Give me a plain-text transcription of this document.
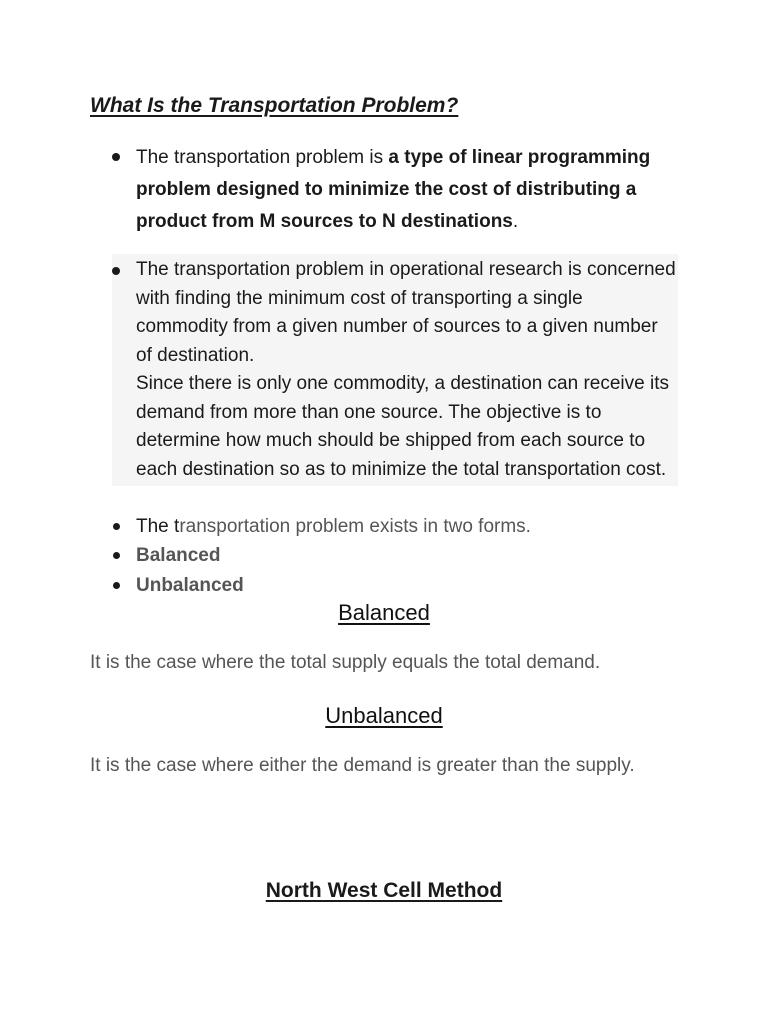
What Is the Transportation Problem?
The transportation problem is a type of linear programming problem designed to minimize the cost of distributing a product from M sources to N destinations.
The transportation problem in operational research is concerned with finding the minimum cost of transporting a single commodity from a given number of sources to a given number of destination.
Since there is only one commodity, a destination can receive its demand from more than one source. The objective is to determine how much should be shipped from each source to each destination so as to minimize the total transportation cost.
The transportation problem exists in two forms.
Balanced
Unbalanced
Balanced

It is the case where the total supply equals the total demand.

Unbalanced

It is the case where either the demand is greater than the supply.

North West Cell Method
